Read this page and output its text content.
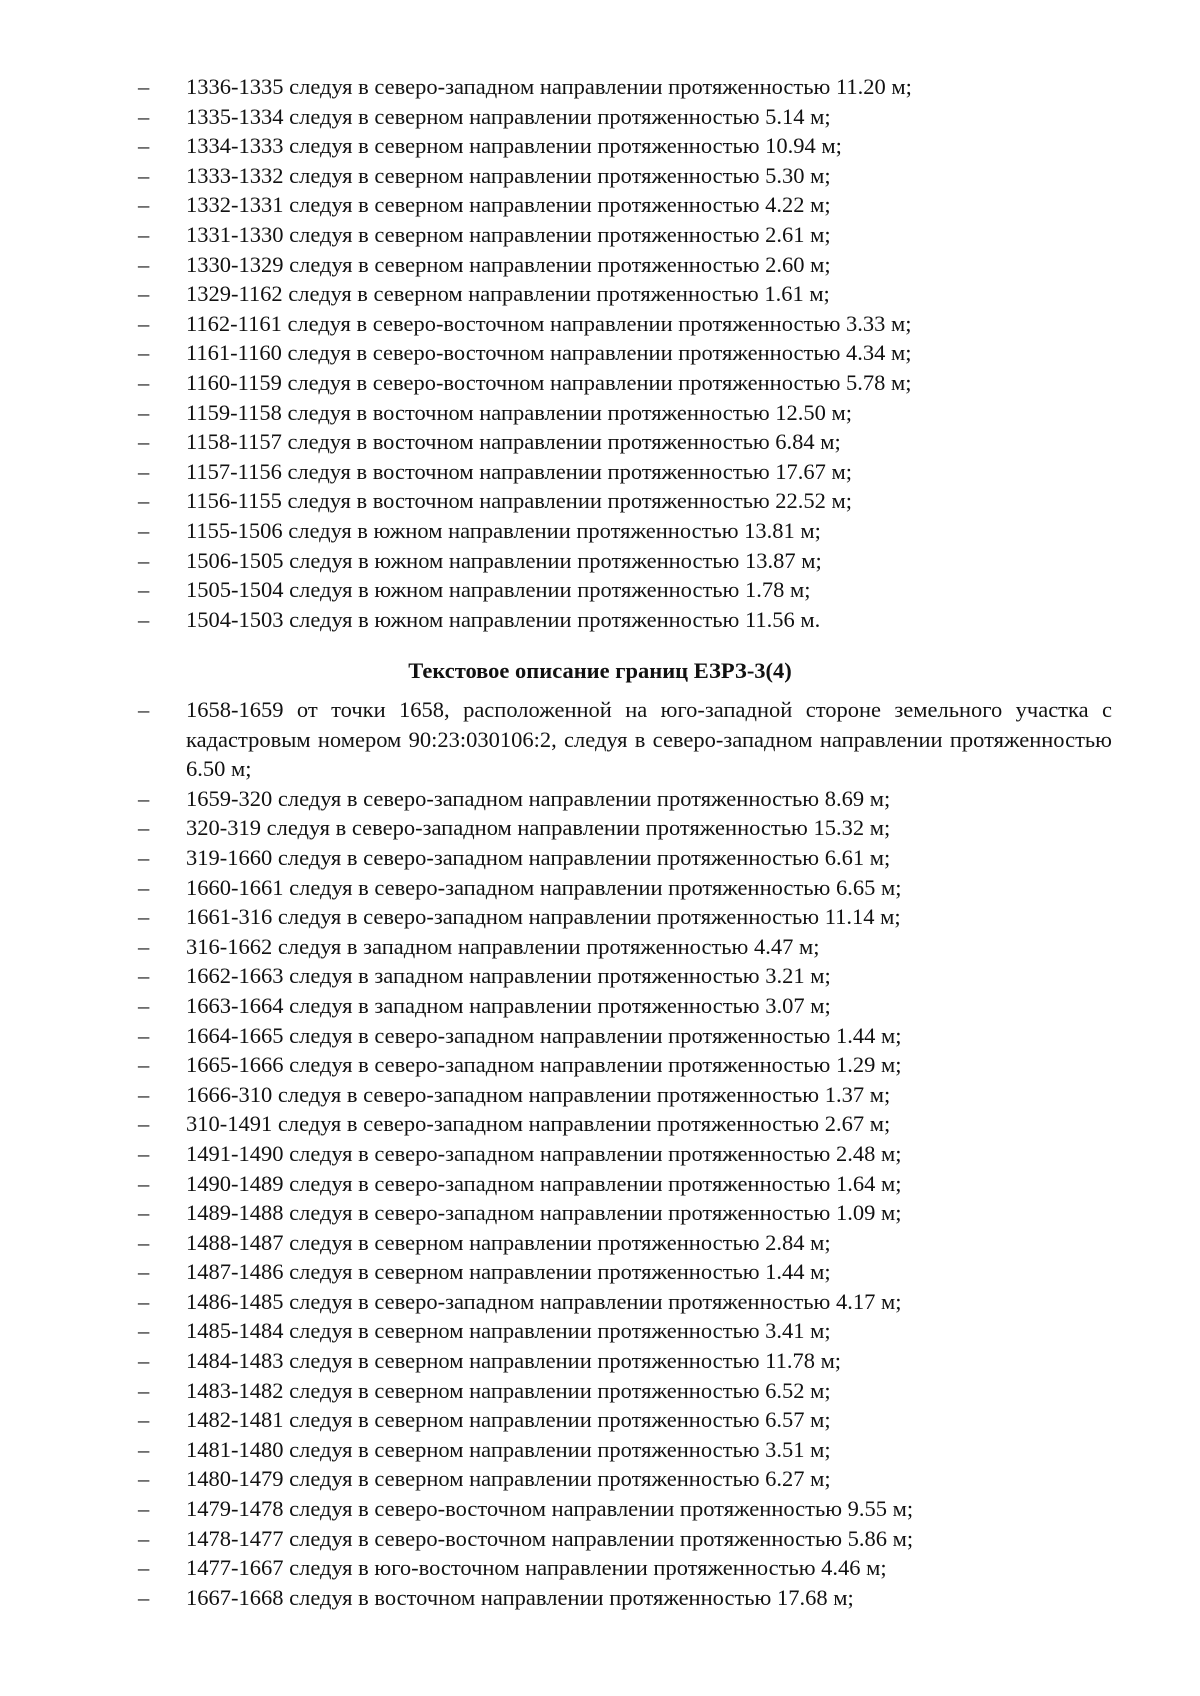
–	1336-1335 следуя в северо-западном направлении протяженностью 11.20 м;
–	1335-1334 следуя в северном направлении протяженностью 5.14 м;
–	1334-1333 следуя в северном направлении протяженностью 10.94 м;
–	1333-1332 следуя в северном направлении протяженностью 5.30 м;
–	1332-1331 следуя в северном направлении протяженностью 4.22 м;
–	1331-1330 следуя в северном направлении протяженностью 2.61 м;
–	1330-1329 следуя в северном направлении протяженностью 2.60 м;
–	1329-1162 следуя в северном направлении протяженностью 1.61 м;
–	1162-1161 следуя в северо-восточном направлении протяженностью 3.33 м;
–	1161-1160 следуя в северо-восточном направлении протяженностью 4.34 м;
–	1160-1159 следуя в северо-восточном направлении протяженностью 5.78 м;
–	1159-1158 следуя в восточном направлении протяженностью 12.50 м;
–	1158-1157 следуя в восточном направлении протяженностью 6.84 м;
–	1157-1156 следуя в восточном направлении протяженностью 17.67 м;
–	1156-1155 следуя в восточном направлении протяженностью 22.52 м;
–	1155-1506 следуя в южном направлении протяженностью 13.81 м;
–	1506-1505 следуя в южном направлении протяженностью 13.87 м;
–	1505-1504 следуя в южном направлении протяженностью 1.78 м;
–	1504-1503 следуя в южном направлении протяженностью 11.56 м.
Текстовое описание границ ЕЗРЗ-3(4)
–	1658-1659 от точки 1658, расположенной на юго-западной стороне земельного участка с кадастровым номером 90:23:030106:2, следуя в северо-западном направлении протяженностью 6.50 м;
–	1659-320 следуя в северо-западном направлении протяженностью 8.69 м;
–	320-319 следуя в северо-западном направлении протяженностью 15.32 м;
–	319-1660 следуя в северо-западном направлении протяженностью 6.61 м;
–	1660-1661 следуя в северо-западном направлении протяженностью 6.65 м;
–	1661-316 следуя в северо-западном направлении протяженностью 11.14 м;
–	316-1662 следуя в западном направлении протяженностью 4.47 м;
–	1662-1663 следуя в западном направлении протяженностью 3.21 м;
–	1663-1664 следуя в западном направлении протяженностью 3.07 м;
–	1664-1665 следуя в северо-западном направлении протяженностью 1.44 м;
–	1665-1666 следуя в северо-западном направлении протяженностью 1.29 м;
–	1666-310 следуя в северо-западном направлении протяженностью 1.37 м;
–	310-1491 следуя в северо-западном направлении протяженностью 2.67 м;
–	1491-1490 следуя в северо-западном направлении протяженностью 2.48 м;
–	1490-1489 следуя в северо-западном направлении протяженностью 1.64 м;
–	1489-1488 следуя в северо-западном направлении протяженностью 1.09 м;
–	1488-1487 следуя в северном направлении протяженностью 2.84 м;
–	1487-1486 следуя в северном направлении протяженностью 1.44 м;
–	1486-1485 следуя в северо-западном направлении протяженностью 4.17 м;
–	1485-1484 следуя в северном направлении протяженностью 3.41 м;
–	1484-1483 следуя в северном направлении протяженностью 11.78 м;
–	1483-1482 следуя в северном направлении протяженностью 6.52 м;
–	1482-1481 следуя в северном направлении протяженностью 6.57 м;
–	1481-1480 следуя в северном направлении протяженностью 3.51 м;
–	1480-1479 следуя в северном направлении протяженностью 6.27 м;
–	1479-1478 следуя в северо-восточном направлении протяженностью 9.55 м;
–	1478-1477 следуя в северо-восточном направлении протяженностью 5.86 м;
–	1477-1667 следуя в юго-восточном направлении протяженностью 4.46 м;
–	1667-1668 следуя в восточном направлении протяженностью 17.68 м;
